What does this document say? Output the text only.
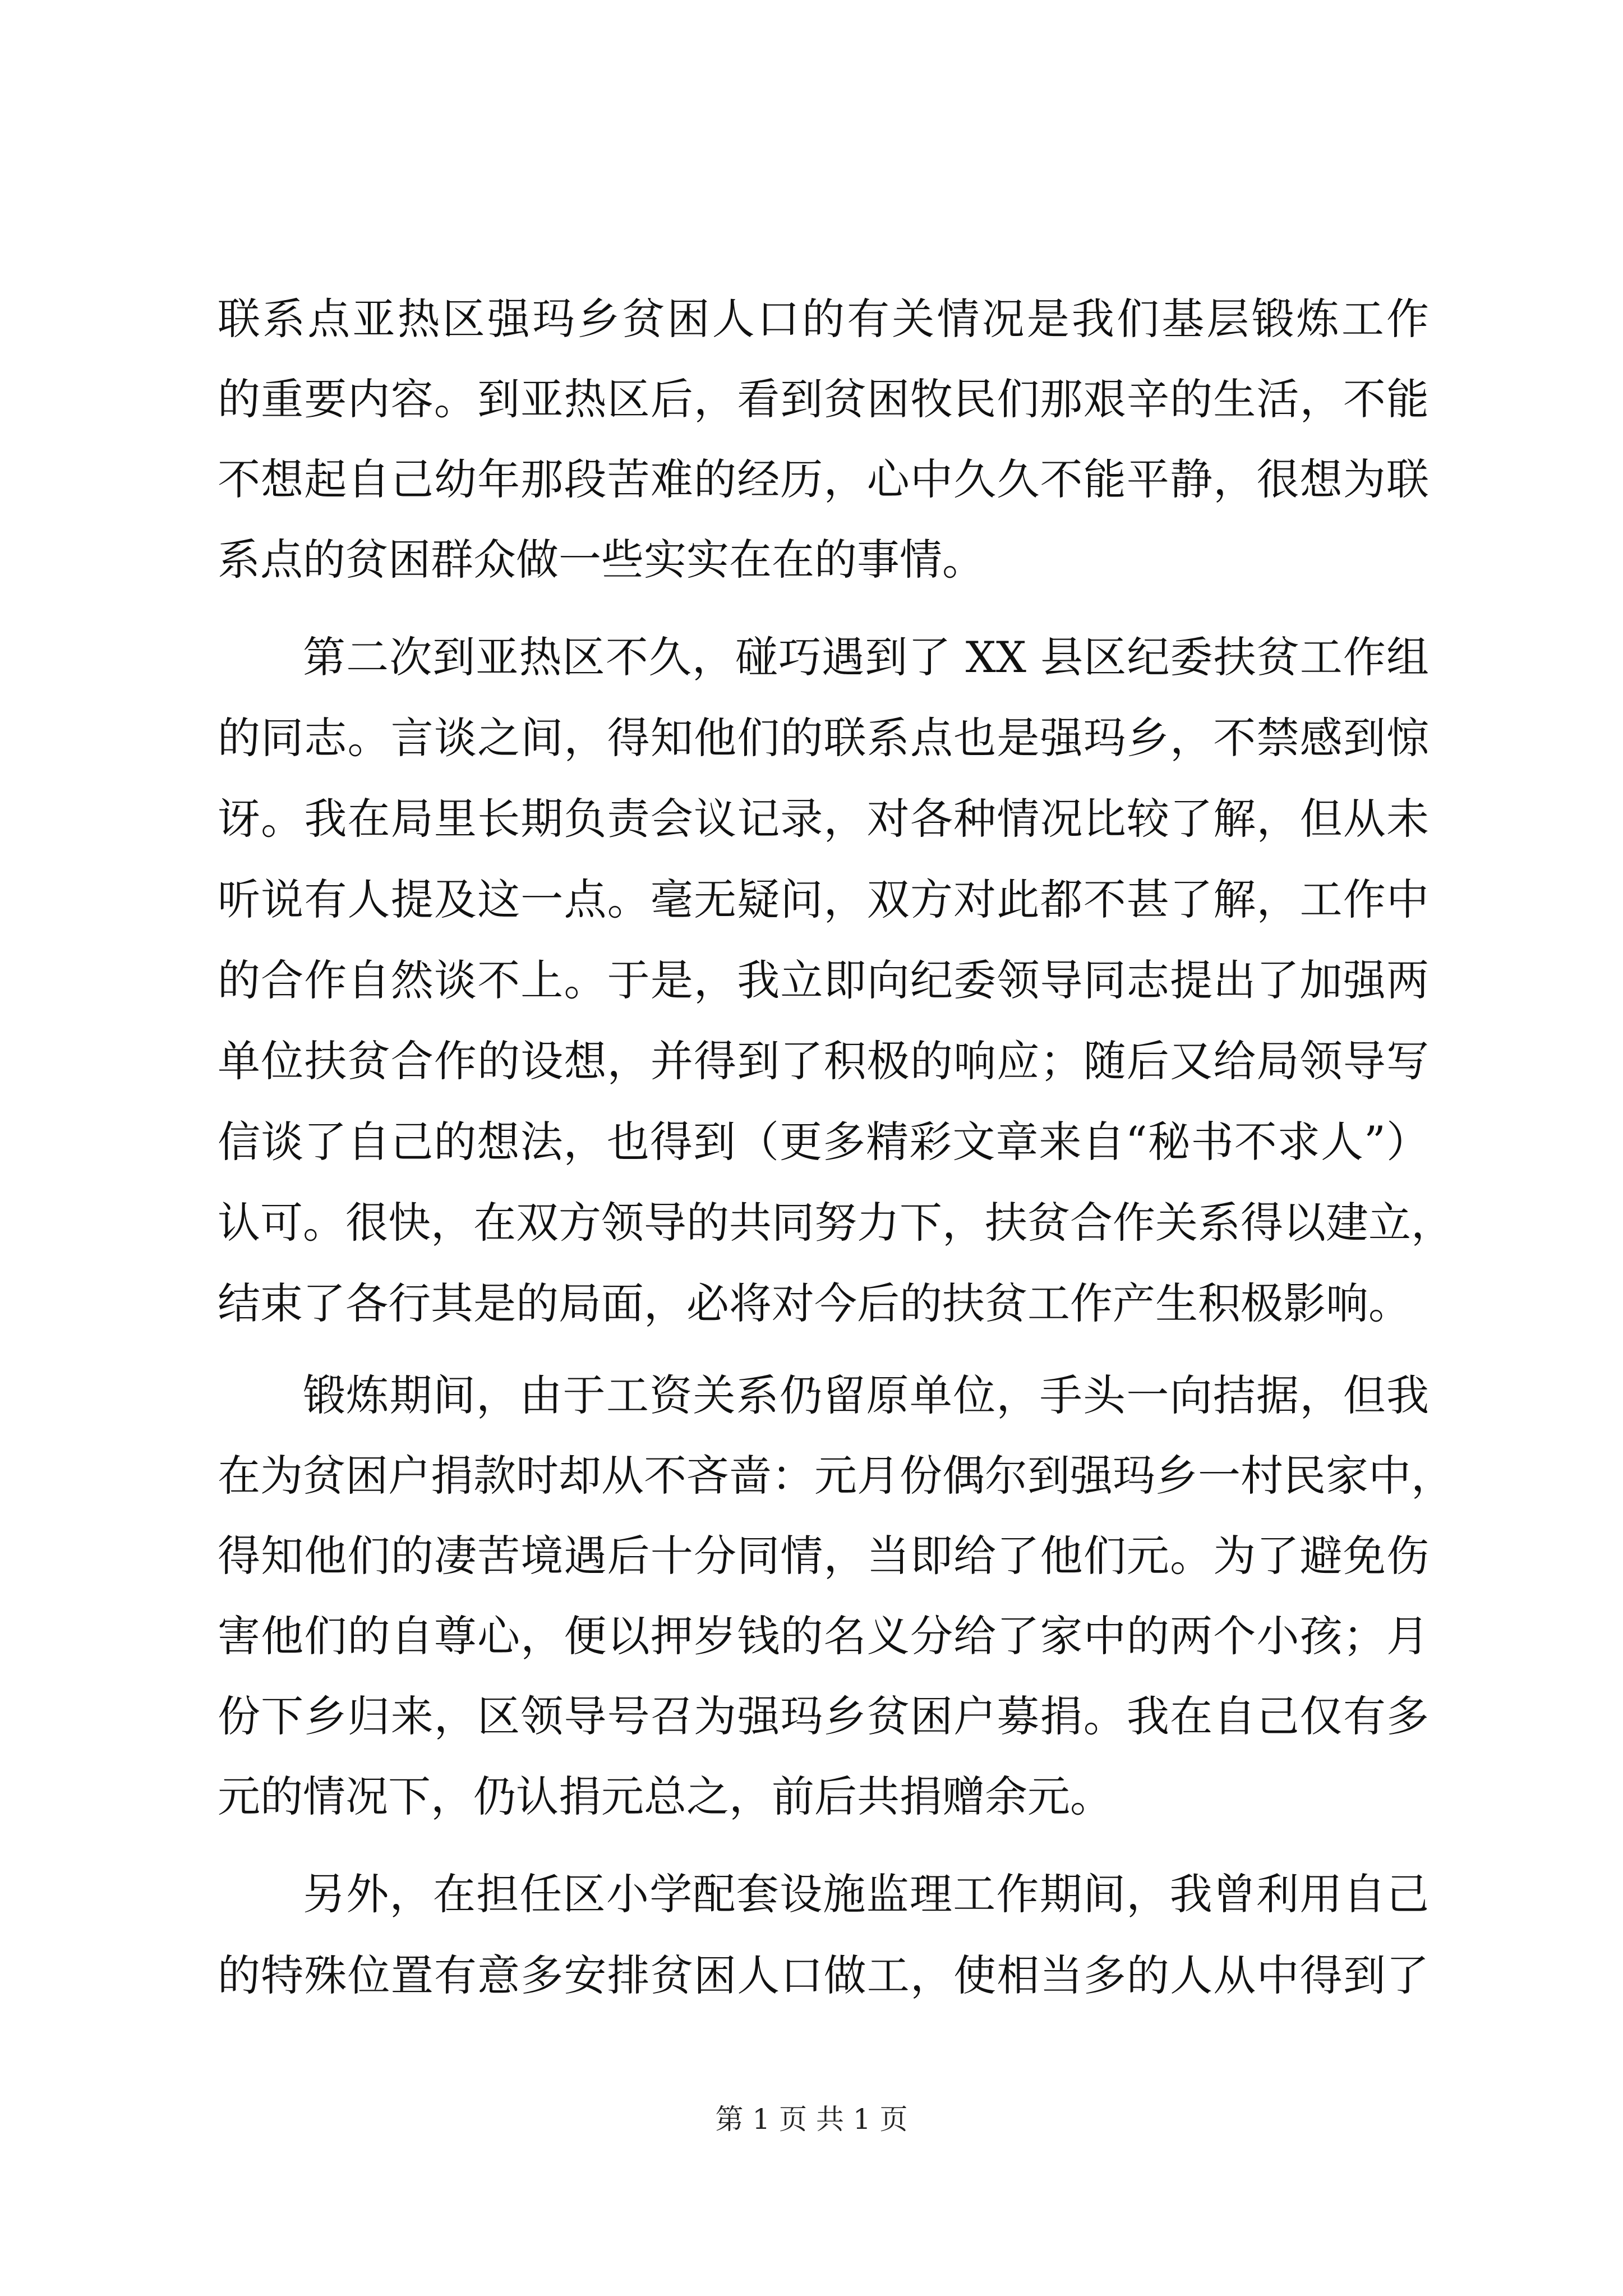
联系点亚热区强玛乡贫困人口的有关情况是我们基层锻炼工作
的重要内容。到亚热区后，看到贫困牧民们那艰辛的生活，不能
不想起自己幼年那段苦难的经历，心中久久不能平静，很想为联
系点的贫困群众做一些实实在在的事情。
第二次到亚热区不久，碰巧遇到了 XX 县区纪委扶贫工作组
的同志。言谈之间，得知他们的联系点也是强玛乡，不禁感到惊
讶。我在局里长期负责会议记录，对各种情况比较了解，但从未
听说有人提及这一点。毫无疑问，双方对此都不甚了解，工作中
的合作自然谈不上。于是，我立即向纪委领导同志提出了加强两
单位扶贫合作的设想，并得到了积极的响应；随后又给局领导写
信谈了自己的想法，也得到（更多精彩文章来自“秘书不求人”）
认可。很快，在双方领导的共同努力下，扶贫合作关系得以建立，
结束了各行其是的局面，必将对今后的扶贫工作产生积极影响。
锻炼期间，由于工资关系仍留原单位，手头一向拮据，但我
在为贫困户捐款时却从不吝啬：元月份偶尔到强玛乡一村民家中，
得知他们的凄苦境遇后十分同情，当即给了他们元。为了避免伤
害他们的自尊心，便以押岁钱的名义分给了家中的两个小孩；月
份下乡归来，区领导号召为强玛乡贫困户募捐。我在自己仅有多
元的情况下，仍认捐元总之，前后共捐赠余元。
另外，在担任区小学配套设施监理工作期间，我曾利用自己
的特殊位置有意多安排贫困人口做工，使相当多的人从中得到了
第 1 页 共 1 页
